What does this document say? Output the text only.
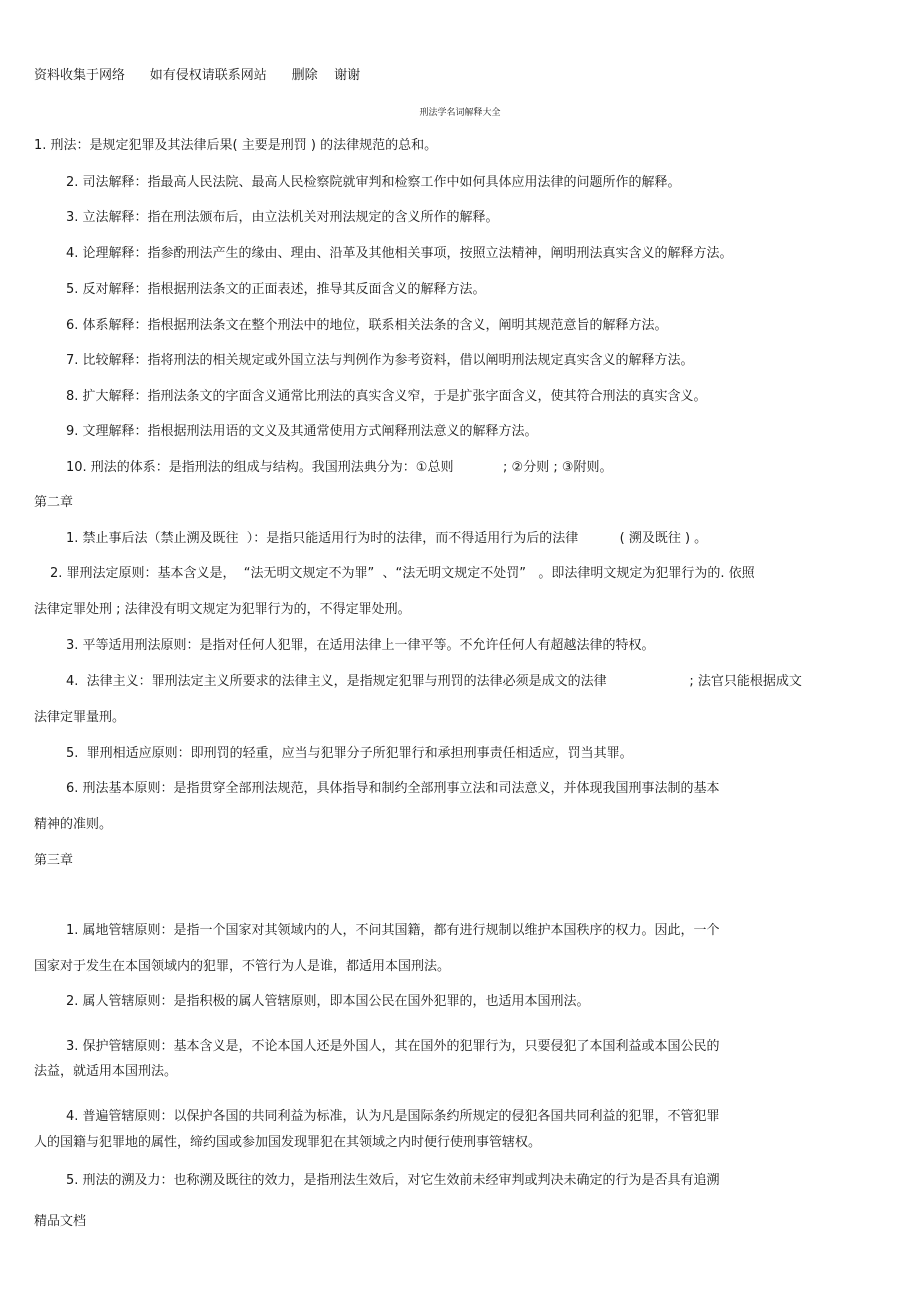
资料收集于网络      如有侵权请联系网站      删除    谢谢
刑法学名词解释大全
1. 刑法：是规定犯罪及其法律后果( 主要是刑罚 ) 的法律规范的总和。
2. 司法解释：指最高人民法院、最高人民检察院就审判和检察工作中如何具体应用法律的问题所作的解释。
3. 立法解释：指在刑法颁布后，由立法机关对刑法规定的含义所作的解释。
4. 论理解释：指参酌刑法产生的缘由、理由、沿革及其他相关事项，按照立法精神，阐明刑法真实含义的解释方法。
5. 反对解释：指根据刑法条文的正面表述，推导其反面含义的解释方法。
6. 体系解释：指根据刑法条文在整个刑法中的地位，联系相关法条的含义，阐明其规范意旨的解释方法。
7. 比较解释：指将刑法的相关规定或外国立法与判例作为参考资料，借以阐明刑法规定真实含义的解释方法。
8. 扩大解释：指刑法条文的字面含义通常比刑法的真实含义窄，于是扩张字面含义，使其符合刑法的真实含义。
9. 文理解释：指根据刑法用语的文义及其通常使用方式阐释刑法意义的解释方法。
10. 刑法的体系：是指刑法的组成与结构。我国刑法典分为：①总则            ; ②分则 ; ③附则。
第二章
1. 禁止事后法（禁止溯及既往  ）：是指只能适用行为时的法律，而不得适用行为后的法律          ( 溯及既往 ) 。
2. 罪刑法定原则：基本含义是，  “法无明文规定不为罪”  、“法无明文规定不处罚”   。即法律明文规定为犯罪行为的. 依照
法律定罪处刑 ; 法律没有明文规定为犯罪行为的，不得定罪处刑。
3. 平等适用刑法原则：是指对任何人犯罪，在适用法律上一律平等。不允许任何人有超越法律的特权。
4.  法律主义：罪刑法定主义所要求的法律主义，是指规定犯罪与刑罚的法律必须是成文的法律                    ; 法官只能根据成文
法律定罪量刑。
5.  罪刑相适应原则：即刑罚的轻重，应当与犯罪分子所犯罪行和承担刑事责任相适应，罚当其罪。
6. 刑法基本原则：是指贯穿全部刑法规范，具体指导和制约全部刑事立法和司法意义，并体现我国刑事法制的基本
精神的准则。
第三章
1. 属地管辖原则：是指一个国家对其领域内的人，不问其国籍，都有进行规制以维护本国秩序的权力。因此，一个
国家对于发生在本国领域内的犯罪，不管行为人是谁，都适用本国刑法。
2. 属人管辖原则：是指积极的属人管辖原则，即本国公民在国外犯罪的，也适用本国刑法。
3. 保护管辖原则：基本含义是，不论本国人还是外国人，其在国外的犯罪行为，只要侵犯了本国利益或本国公民的
法益，就适用本国刑法。
4. 普遍管辖原则：以保护各国的共同利益为标准，认为凡是国际条约所规定的侵犯各国共同利益的犯罪，不管犯罪
人的国籍与犯罪地的属性，缔约国或参加国发现罪犯在其领域之内时便行使刑事管辖权。
5. 刑法的溯及力：也称溯及既往的效力，是指刑法生效后，对它生效前未经审判或判决未确定的行为是否具有追溯
精品文档
